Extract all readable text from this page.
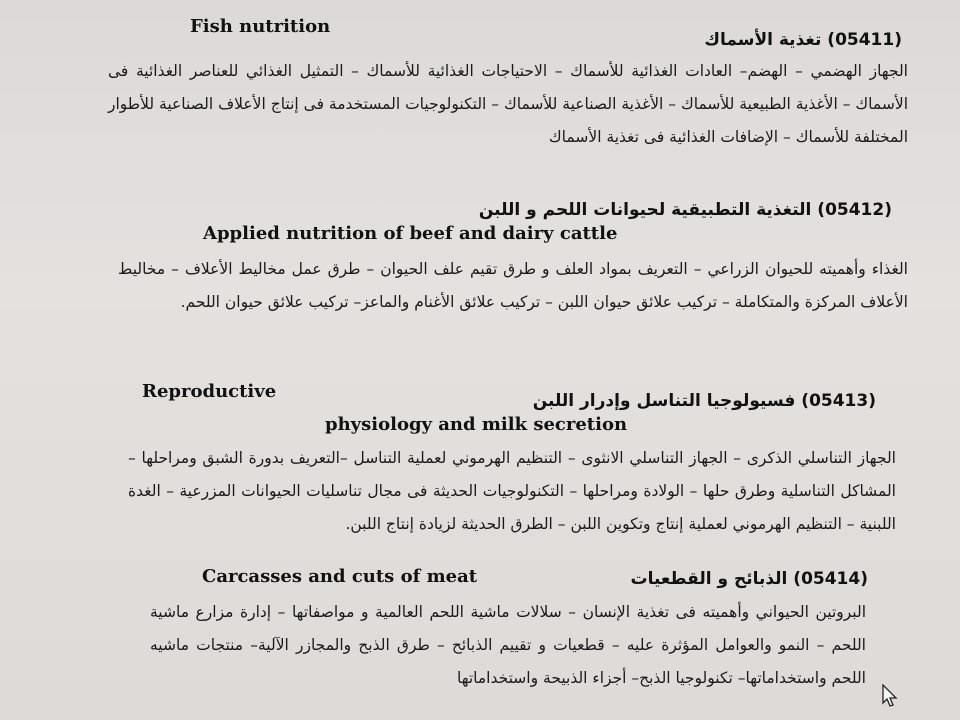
Fish nutrition
(05411) تغذية الأسماك
الجهاز الهضمي – الهضم– العادات الغذائية للأسماك – الاحتياجات الغذائية للأسماك – التمثيل الغذائي للعناصر الغذائية فى الأسماك – الأغذية الطبيعية للأسماك – الأغذية الصناعية للأسماك – التكنولوجيات المستخدمة فى إنتاج الأعلاف الصناعية للأطوار المختلفة للأسماك – الإضافات الغذائية فى تغذية الأسماك
(05412) التغذية التطبيقية لحيوانات اللحم و اللبن
Applied nutrition of beef and dairy cattle
الغذاء وأهميته للحيوان الزراعي – التعريف بمواد العلف و طرق تقيم علف الحيوان – طرق عمل مخاليط الأعلاف – مخاليط الأعلاف المركزة والمتكاملة – تركيب علائق حيوان اللبن – تركيب علائق الأغنام والماعز– تركيب علائق حيوان اللحم.
Reproductive	(05413) فسيولوجيا التناسل وإدرار اللبن
physiology and milk secretion
الجهاز التناسلي الذكرى – الجهاز التناسلي الانثوى – التنظيم الهرموني لعملية التناسل –التعريف بدورة الشبق ومراحلها – المشاكل التناسلية وطرق حلها – الولادة ومراحلها – التكنولوجيات الحديثة فى مجال تناسليات الحيوانات المزرعية – الغدة اللبنية – التنظيم الهرموني لعملية إنتاج وتكوين اللبن – الطرق الحديثة لزيادة إنتاج اللبن.
Carcasses and cuts of meat	(05414) الذبائح و القطعيات
البروتين الحيواني وأهميته فى تغذية الإنسان – سلالات ماشية اللحم العالمية و مواصفاتها – إدارة مزارع ماشية اللحم – النمو والعوامل المؤثرة عليه – قطعيات و تقييم الذبائح – طرق الذبح والمجازر الآلية– منتجات ماشيه اللحم واستخداماتها– تكنولوجيا الذبح– أجزاء الذبيحة واستخداماتها
